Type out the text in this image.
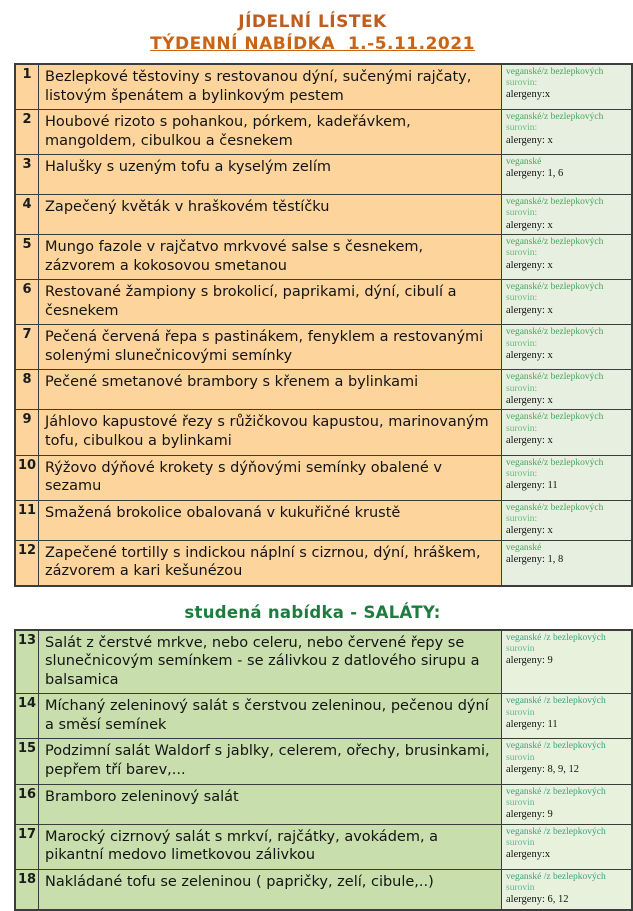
JÍDELNÍ LÍSTEK
TÝDENNÍ NABÍDKA  1.-5.11.2021
1	Bezlepkové těstoviny s restovanou dýní, sučenými rajčaty, listovým špenátem a bylinkovým pestem	veganské/z bezlepkových
surovin:
alergeny:x

2	Houbové rizoto s pohankou, pórkem, kadeřávkem, mangoldem, cibulkou a česnekem	veganské/z bezlepkových
surovin:
alergeny: x

3	Halušky s uzeným tofu a kyselým zelím	veganské
alergeny: 1, 6

4	Zapečený květák v hraškovém těstíčku	veganské/z bezlepkových
surovin:
alergeny: x

5	Mungo fazole v rajčatvo mrkvové salse s česnekem, zázvorem a kokosovou smetanou	veganské/z bezlepkových
surovin:
alergeny: x

6	Restované žampiony s brokolicí, paprikami, dýní, cibulí a česnekem	veganské/z bezlepkových
surovin:
alergeny: x

7	Pečená červená řepa s pastinákem, fenyklem a restovanými solenými slunečnicovými semínky	veganské/z bezlepkových
surovin:
alergeny: x

8	Pečené smetanové brambory s křenem a bylinkami	veganské/z bezlepkových
surovin:
alergeny: x

9	Jáhlovo kapustové řezy s růžičkovou kapustou, marinovaným tofu, cibulkou a bylinkami	veganské/z bezlepkových
surovin:
alergeny: x

10	Rýžovo dýňové krokety s dýňovými semínky obalené v sezamu	veganské/z bezlepkových
surovin:
alergeny: 11

11	Smažená brokolice obalovaná v kukuřičné krustě	veganské/z bezlepkových
surovin:
alergeny: x

12	Zapečené tortilly s indickou náplní s cizrnou, dýní, hráškem, zázvorem a kari kešunézou	veganské
alergeny: 1, 8
studená nabídka - SALÁTY:
13	Salát z čerstvé mrkve, nebo celeru, nebo červené řepy se slunečnicovým semínkem - se zálivkou z datlového sirupu a balsamica	veganské /z bezlepkových
surovin
alergeny: 9

14	Míchaný zeleninový salát s čerstvou zeleninou, pečenou dýní a směsí semínek	veganské /z bezlepkových
surovin
alergeny: 11

15	Podzimní salát Waldorf s jablky, celerem, ořechy, brusinkami, pepřem tří barev,...	veganské /z bezlepkových
surovin
alergeny: 8, 9, 12

16	Bramboro zeleninový salát	veganské /z bezlepkových
surovin
alergeny: 9

17	Marocký cizrnový salát s mrkví, rajčátky, avokádem, a pikantní medovo limetkovou zálivkou	veganské /z bezlepkových
surovin
alergeny:x

18	Nakládané tofu se zeleninou ( papričky, zelí, cibule,..)	veganské /z bezlepkových
surovin
alergeny: 6, 12
